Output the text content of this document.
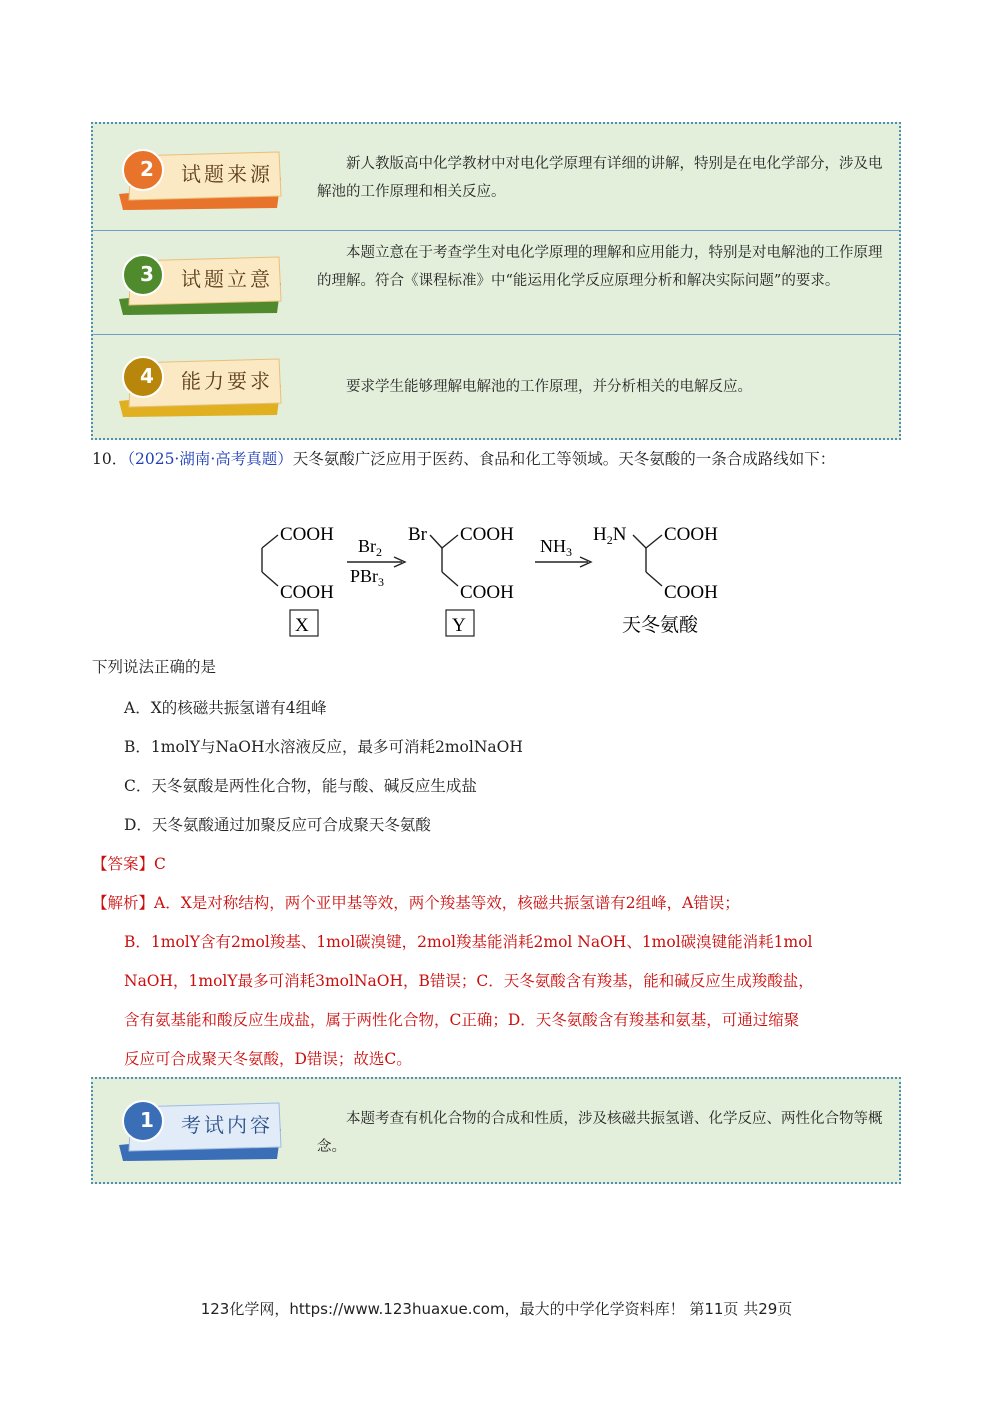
2 试题来源	新人教版高中化学教材中对电化学原理有详细的讲解，特别是在电化学部分，涉及电解池的工作原理和相关反应。
3 试题立意
本题立意在于考查学生对电化学原理的理解和应用能力，特别是对电解池的工作原理的理解。符合《课程标准》中“能运用化学反应原理分析和解决实际问题”的要求。
4 能力要求	要求学生能够理解电解池的工作原理，并分析相关的电解反应。
10．（2025·湖南·高考真题）天冬氨酸广泛应用于医药、食品和化工等领域。天冬氨酸的一条合成路线如下：
COOH
COOH
X
$Br_2$
PBr$_3$
Br COOH
COOH
Y
$NH_3$
$H_2N$ COOH
COOH
天冬氨酸
下列说法正确的是
A．X的核磁共振氢谱有4组峰
B．1molY与NaOH水溶液反应，最多可消耗2molNaOH
C．天冬氨酸是两性化合物，能与酸、碱反应生成盐
D．天冬氨酸通过加聚反应可合成聚天冬氨酸
【答案】C
【解析】A．X是对称结构，两个亚甲基等效，两个羧基等效，核磁共振氢谱有2组峰，A错误；
B．1molY含有2mol羧基、1mol碳溴键，2mol羧基能消耗2mol NaOH、1mol碳溴键能消耗1mol
NaOH，1molY最多可消耗3molNaOH，B错误；C．天冬氨酸含有羧基，能和碱反应生成羧酸盐，
含有氨基能和酸反应生成盐，属于两性化合物，C正确；D．天冬氨酸含有羧基和氨基，可通过缩聚
反应可合成聚天冬氨酸，D错误；故选C。
1 考试内容	本题考查有机化合物的合成和性质，涉及核磁共振氢谱、化学反应、两性化合物等概念。
123化学网，https://www.123huaxue.com，最大的中学化学资料库！ 第11页 共29页
